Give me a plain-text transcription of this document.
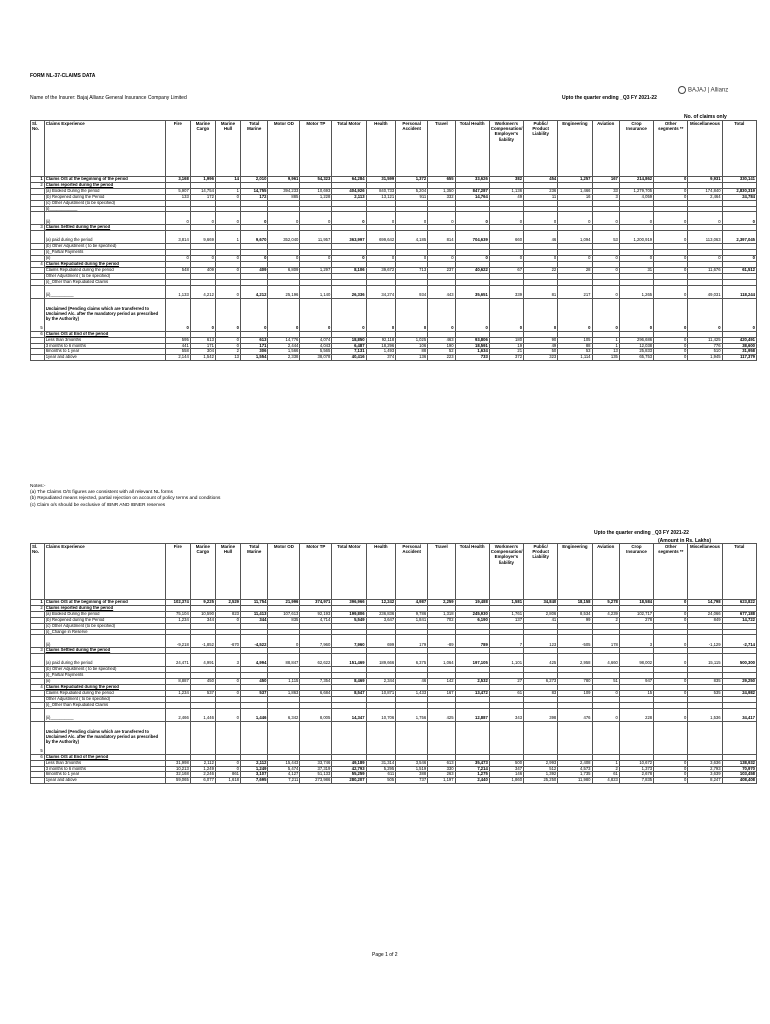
FORM NL-37-CLAIMS DATA
Name of the Insurer: Bajaj Allianz General Insurance Company Limited	Upto the quarter ending _Q3 FY 2021-22
BAJAJ | Allianz
No. of claims only
Sl. No.	Claims Experience	Fire	Marine Cargo	Marine Hull	Total Marine	Motor OD	Motor TP	Total Motor	Health	Personal Accident	Travel	Total Health	Workmen's Compensation/ Employer's liability	Public/ Product Liability	Engineering	Aviation	Crop Insurance	Other segments **	Miscellaneous	Total
1	Claims O/S at the beginning of the period	3,168	1,996	14	2,010	9,961	54,323	64,284	31,599	1,372	655	33,626	382	454	1,257	167	214,862	0	9,931	330,141
2	Claims reported during the period																			
	(a) Booked During the period	5,907	14,754	1	14,755	394,233	10,693	404,926	840,733	5,204	1,350	847,287	1,136	236	1,466	33	1,279,705	0	174,840	2,830,319
	(b) Reopened during the Period	133	172	0	172	885	1,228	2,113	13,121	911	332	14,764	49	11	16	3	4,059	0	2,464	24,784
	(c) Other Adjustment (to be specified)																			
	(i)____________																			
	(ii)	0	0	0	0	0	0	0	0	0	0	0	0	0	0	0	0	0	0	0
3	Claims Settled during the period																			
	(a) paid during the period	3,814	9,669	1	9,670	352,040	11,957	363,997	699,642	4,185	814	704,639	660	46	1,094	53	1,200,919	0	113,063	2,397,045
	(b) Other Adjustment ( to be specified)																			
	(i)_Partial Payments																			
	(ii)	0	0	0	0	0	0	0	0	0	0	0	0	0	0	0	0	0	0	0
4	Claims Repudiated during the period																			
	Claims Repudiated during the period	548	409	0	409	6,809	1,297	8,106	39,672	713	237	40,622	67	22	28	0	31	0	11,676	61,512
	Other Adjustment ( to be specified)																			
	(i)_Other than Repudiated Claims																			
	(ii)__________	1,133	4,212	0	4,212	25,196	1,140	26,336	34,274	934	443	35,651	339	81	217	0	1,265	0	49,031	118,244
5	Unclaimed (Pending claims which are transferred to Unclaimed A/c. after the mandatory period as prescribed by the Authority)	0	0	0	0	0	0	0	0	0	0	0	0	0	0	0	0	0	0	0
6	Claims O/S at End of the period																			
	Less than 3months	595	613	0	613	14,776	4,074	18,850	92,118	1,025	463	93,806	180	90	105	1	296,686	0	11,425	420,491
	3 months to 6 months	441	171	0	171	2,444	4,043	6,487	18,296	106	190	18,591	19	49	88	1	12,038	0	776	38,600
	6months to 1 year	558	304	2	306	1,566	5,565	7,131	1,493	88	52	1,634	21	50	53	13	25,833	0	510	31,958
	1year and above	2,144	1,542	13	1,554	2,338	38,078	40,416	374	136	223	733	372	323	1,114	135	65,753	0	1,945	117,379
Notes:-
(a) The Claims O/S figures are consistent with all relevant NL forms
(b) Repudiated means rejected, partial rejection on account of policy terms and conditions
(c) Claim o/s should be exclusive of IBNR AND IBNER reserves
Upto the quarter ending _Q3 FY 2021-22
(Amount in Rs. Lakhs)
Sl. No.	Claims Experience	Fire	Marine Cargo	Marine Hull	Total Marine	Motor OD	Motor TP	Total Motor	Health	Personal Accident	Travel	Total Health	Workmen's Compensation/ Employer's liability	Public/ Product Liability	Engineering	Aviation	Crop Insurance	Other segments **	Miscellaneous	Total
1	Claims O/S at the beginning of the period	102,374	9,225	2,529	11,754	21,996	374,971	396,966	12,242	4,987	2,259	19,488	1,581	34,840	18,158	5,278	18,584	0	14,798	623,822
2	Claims reported during the period																			
	(a) Booked During the period	75,104	10,590	823	11,413	107,613	92,193	199,806	236,836	9,786	1,318	245,930	1,761	2,806	8,534	4,239	102,717	0	24,066	677,188
	(b) Reopened during the Period	1,234	344	0	344	835	4,714	5,549	3,647	1,841	702	6,190	137	41	99	2	278	0	849	14,722
	(c) Other Adjustment (to be specified)																			
	(i)_Change in Reserve																			
	(ii)	-9,218	-1,852	-670	-4,522	0	7,960	7,960	699	179	-89	789	7	123	-505	178	3	0	-1,129	-2,714
3	Claims Settled during the period																			
	(a) paid during the period	24,471	4,991	3	4,994	88,847	62,622	151,469	189,666	6,375	1,064	197,105	1,101	425	2,958	4,660	98,002	0	15,115	500,300
	(b) Other Adjustment ( to be specified)																			
	(i)_Partial Payments																			
	(ii)	8,887	450	0	450	1,115	7,354	8,469	2,344	46	142	2,532	27	6,273	780	51	947	0	835	29,250
4	Claims Repudiated during the period																			
	Claims Repudiated during the period	1,234	537	0	537	1,863	6,684	8,547	10,871	1,433	167	13,472	61	83	109	0	15	0	535	24,982
	Other Adjustment ( to be specified)																			
	(i)_Other than Repudiated Claims																			
	(ii)__________	2,466	1,446	0	1,446	6,342	8,005	14,347	10,706	1,756	425	12,887	343	398	476	0	228	0	1,536	34,417
5	Unclaimed (Pending claims which are transferred to Unclaimed A/c. after the mandatory period as prescribed by the Authority)																			
6	Claims O/S at End of the period																			
	Less than 3months	31,998	2,112	0	2,112	15,443	33,746	49,189	31,314	3,546	613	35,473	500	2,993	2,408	1	10,672	0	3,636	138,932
	3 months to 6 months	10,213	1,249	0	1,249	5,474	37,319	42,793	5,295	1,519	330	7,214	347	512	4,573	2	1,373	0	2,793	70,970
	6months to 1 year	32,168	2,246	861	3,107	4,127	51,133	55,259	611	388	263	1,275	146	1,392	1,735	61	2,678	0	3,639	103,458
	1year and above	59,065	6,077	1,618	7,695	7,211	273,986	280,207	505	737	1,197	2,440	1,860	25,250	11,980	4,823	7,835	0	8,247	408,408
Page 1 of 2
